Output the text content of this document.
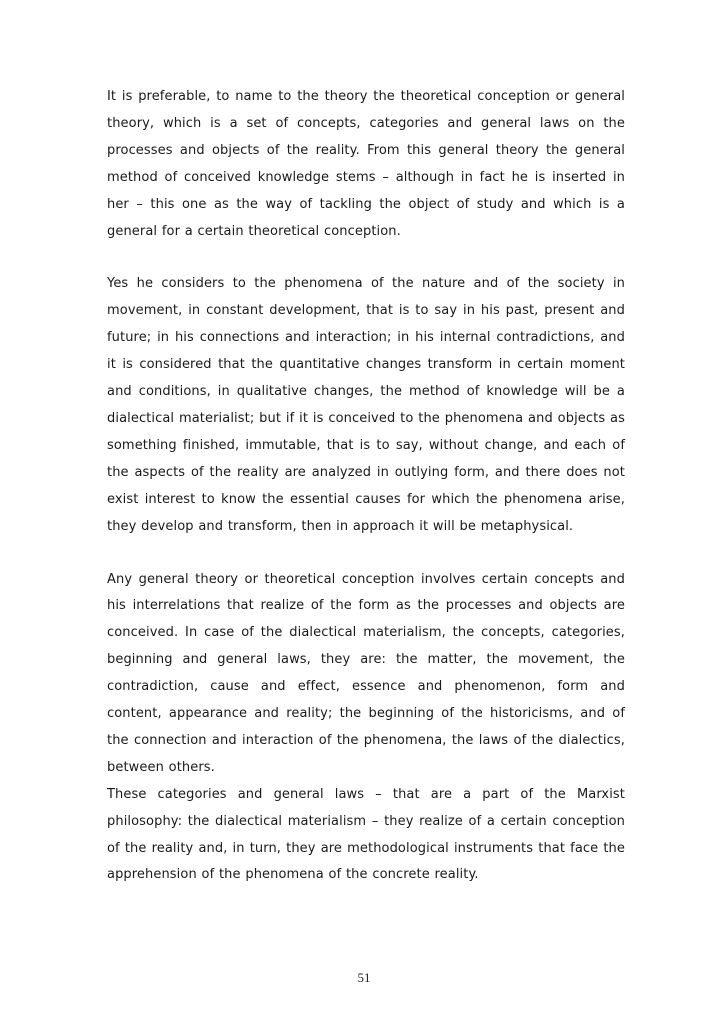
It is preferable, to name to the theory the theoretical conception or general theory, which is a set of concepts, categories and general laws on the processes and objects of the reality. From this general theory the general method of conceived knowledge stems – although in fact he is inserted in her – this one as the way of tackling the object of study and which is a general for a certain theoretical conception.

Yes he considers to the phenomena of the nature and of the society in movement, in constant development, that is to say in his past, present and future; in his connections and interaction; in his internal contradictions, and it is considered that the quantitative changes transform in certain moment and conditions, in qualitative changes, the method of knowledge will be a dialectical materialist; but if it is conceived to the phenomena and objects as something finished, immutable, that is to say, without change, and each of the aspects of the reality are analyzed in outlying form, and there does not exist interest to know the essential causes for which the phenomena arise, they develop and transform, then in approach it will be metaphysical.

Any general theory or theoretical conception involves certain concepts and his interrelations that realize of the form as the processes and objects are conceived. In case of the dialectical materialism, the concepts, categories, beginning and general laws, they are: the matter, the movement, the contradiction, cause and effect, essence and phenomenon, form and content, appearance and reality; the beginning of the historicisms, and of the connection and interaction of the phenomena, the laws of the dialectics, between others.

These categories and general laws – that are a part of the Marxist philosophy: the dialectical materialism – they realize of a certain conception of the reality and, in turn, they are methodological instruments that face the apprehension of the phenomena of the concrete reality.

51
